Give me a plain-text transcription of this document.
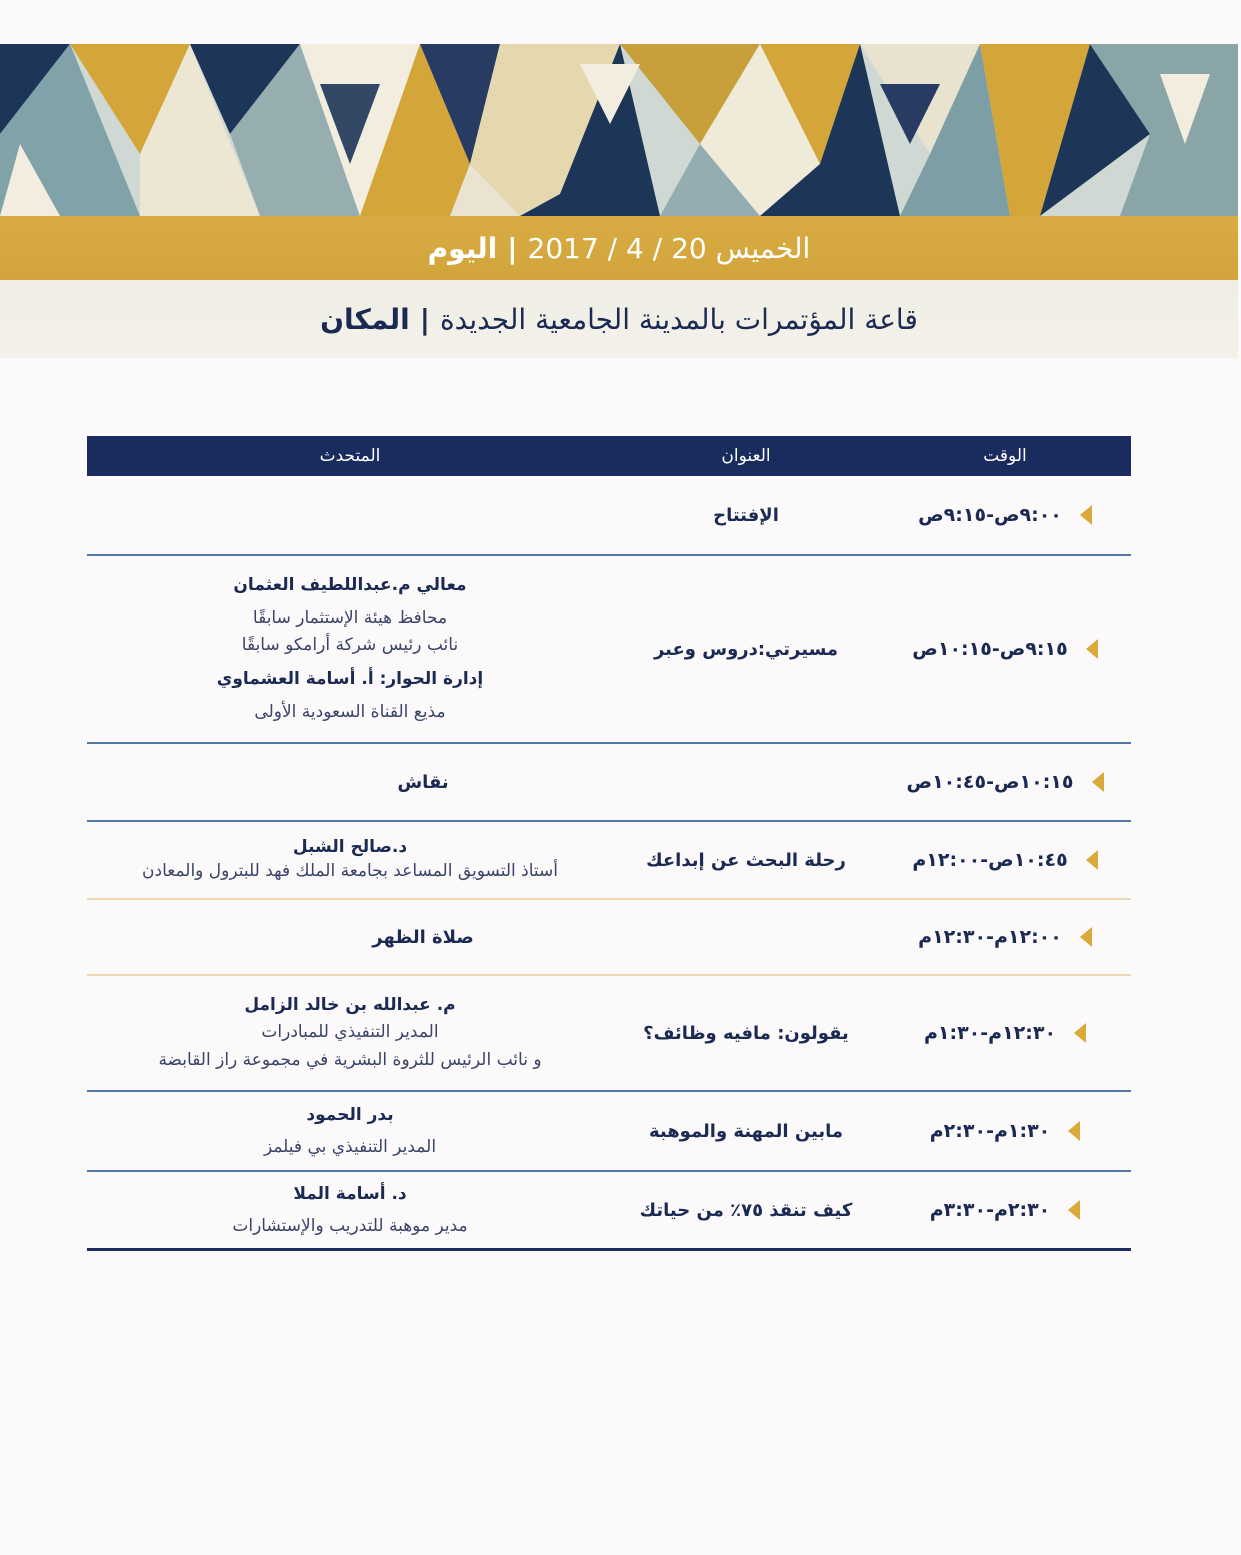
اليوم | الخميس 20 / 4 / 2017
المكان | قاعة المؤتمرات بالمدينة الجامعية الجديدة
الوقت
العنوان
المتحدث
٩:٠٠ص-٩:١٥ص
الإفتتاح
٩:١٥ص-١٠:١٥ص
مسيرتي:دروس وعبر
معالي م.عبداللطيف العثمان
محافظ هيئة الإستثمار سابقًا
نائب رئيس شركة أرامكو سابقًا
إدارة الحوار: أ. أسامة العشماوي
مذيع القناة السعودية الأولى
١٠:١٥ص-١٠:٤٥ص
نقاش
١٠:٤٥ص-١٢:٠٠م
رحلة البحث عن إبداعك
د.صالح الشبل
أستاذ التسويق المساعد بجامعة الملك فهد للبترول والمعادن
١٢:٠٠م-١٢:٣٠م
صلاة الظهر
١٢:٣٠م-١:٣٠م
يقولون: مافيه وظائف؟
م. عبدالله بن خالد الزامل
المدير التنفيذي للمبادرات
و نائب الرئيس للثروة البشرية في مجموعة راز القابضة
١:٣٠م-٢:٣٠م
مابين المهنة والموهبة
بدر الحمود
المدير التنفيذي بي فيلمز
٢:٣٠م-٣:٣٠م
كيف تنقذ ٧٥٪ من حياتك
د. أسامة الملا
مدير موهبة للتدريب والإستشارات
